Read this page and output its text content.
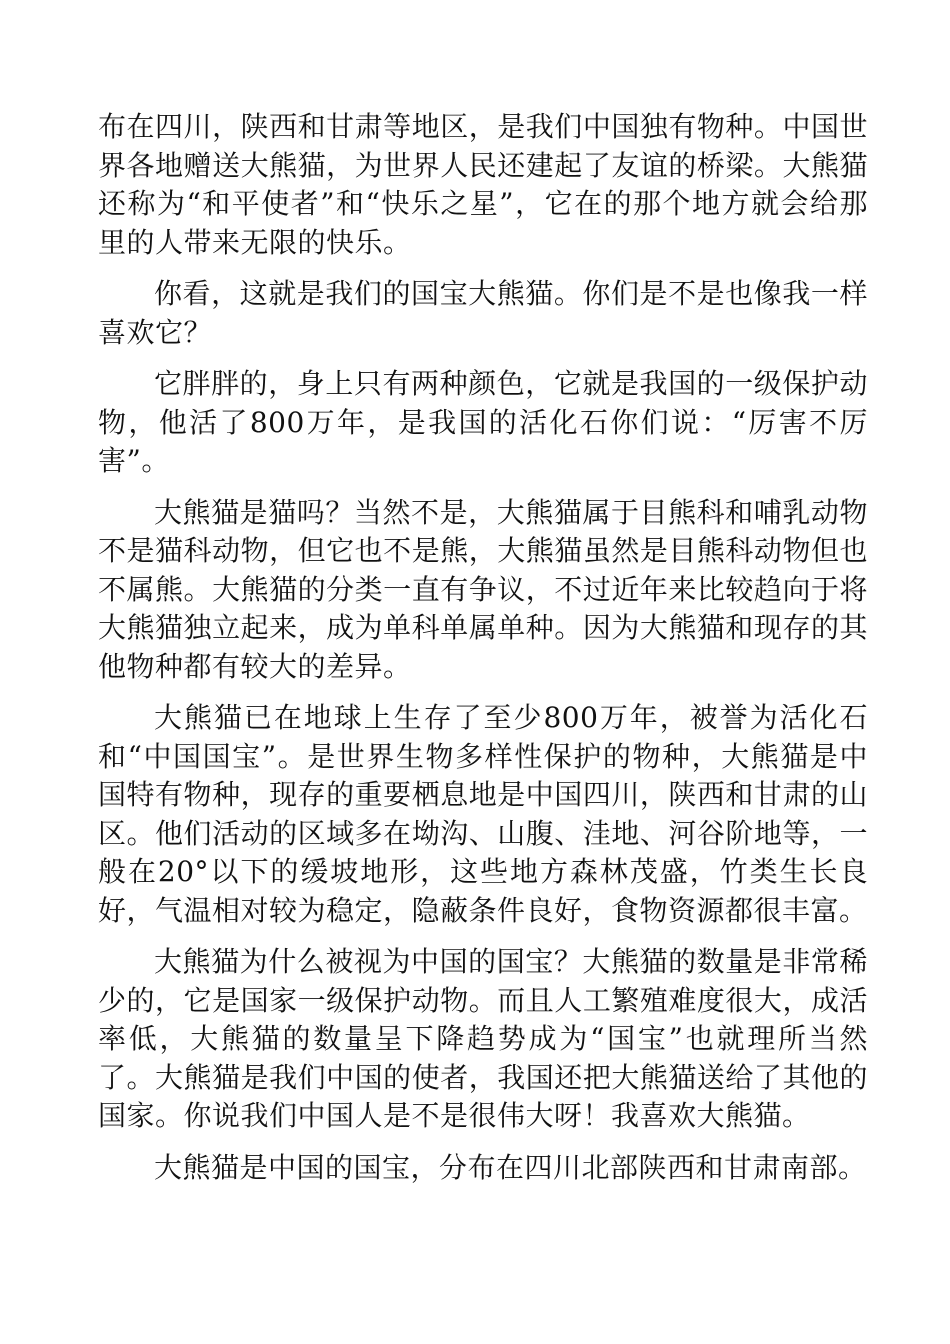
布在四川，陕西和甘肃等地区，是我们中国独有物种。中国世界各地赠送大熊猫，为世界人民还建起了友谊的桥梁。大熊猫还称为“和平使者”和“快乐之星”，它在的那个地方就会给那里的人带来无限的快乐。

你看，这就是我们的国宝大熊猫。你们是不是也像我一样喜欢它？

它胖胖的，身上只有两种颜色，它就是我国的一级保护动物，他活了800万年，是我国的活化石你们说：“厉害不厉害”。

大熊猫是猫吗？当然不是，大熊猫属于目熊科和哺乳动物不是猫科动物，但它也不是熊，大熊猫虽然是目熊科动物但也不属熊。大熊猫的分类一直有争议，不过近年来比较趋向于将大熊猫独立起来，成为单科单属单种。因为大熊猫和现存的其他物种都有较大的差异。

大熊猫已在地球上生存了至少800万年，被誉为活化石和“中国国宝”。是世界生物多样性保护的物种，大熊猫是中国特有物种，现存的重要栖息地是中国四川，陕西和甘肃的山区。他们活动的区域多在坳沟、山腹、洼地、河谷阶地等，一般在20°以下的缓坡地形，这些地方森林茂盛，竹类生长良好，气温相对较为稳定，隐蔽条件良好，食物资源都很丰富。

大熊猫为什么被视为中国的国宝？大熊猫的数量是非常稀少的，它是国家一级保护动物。而且人工繁殖难度很大，成活率低，大熊猫的数量呈下降趋势成为“国宝”也就理所当然了。大熊猫是我们中国的使者，我国还把大熊猫送给了其他的国家。你说我们中国人是不是很伟大呀！我喜欢大熊猫。

大熊猫是中国的国宝，分布在四川北部陕西和甘肃南部。
